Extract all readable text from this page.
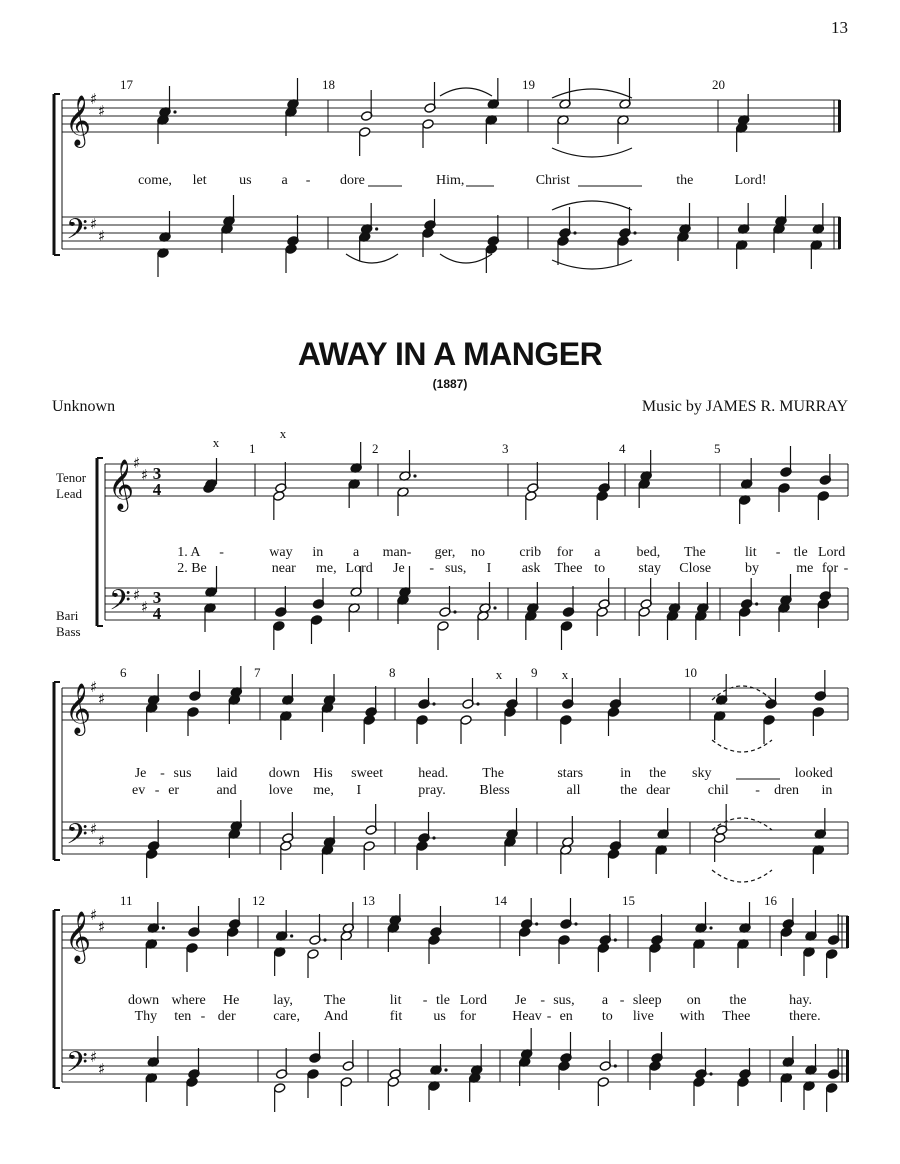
13
AWAY IN A MANGER
(1887)
Unknown	Music by JAMES R. MURRAY
Tenor
Lead
Bari
Bass
𝄞
𝄢
♯
♯
♯
♯
17	18	19	20
come, let us a - dore	Him,	Christ	the	Lord!
𝄞
𝄢
♯
♯
♯
♯
3
4
3
4
1	2	3	4	5
x
x
1. A -	way in a man- ger, no crib for a	bed, The	lit - tle Lord
2. Be	near me, Lord Je - sus, I ask Thee to stay Close by	me for -
𝄞
𝄢
♯
♯
♯
♯
6	7	8	9	10
x	x
Je - sus laid down His sweet	head. The	stars	in the sky	looked
ev - er	and love me, I	pray. Bless	all	the dear	chil - dren in
𝄞
𝄢
♯
♯
♯
♯
11	12	13	14	15	16
down where He lay, The	lit - tle Lord Je - sus, a - sleep on the	hay.
Thy ten - der	care, And	fit us for	Heav - en to live with Thee	there.
